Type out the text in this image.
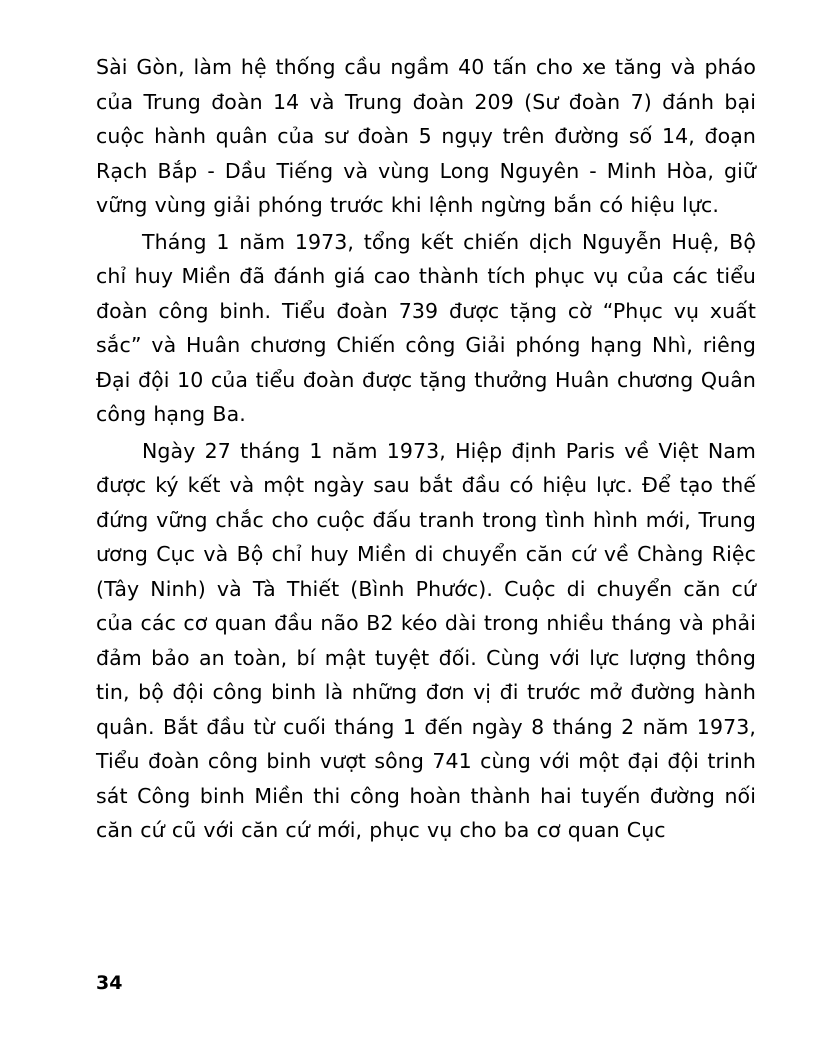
Sài Gòn, làm hệ thống cầu ngầm 40 tấn cho xe tăng và pháo của Trung đoàn 14 và Trung đoàn 209 (Sư đoàn 7) đánh bại cuộc hành quân của sư đoàn 5 ngụy trên đường số 14, đoạn Rạch Bắp - Dầu Tiếng và vùng Long Nguyên - Minh Hòa, giữ vững vùng giải phóng trước khi lệnh ngừng bắn có hiệu lực.

Tháng 1 năm 1973, tổng kết chiến dịch Nguyễn Huệ, Bộ chỉ huy Miền đã đánh giá cao thành tích phục vụ của các tiểu đoàn công binh. Tiểu đoàn 739 được tặng cờ “Phục vụ xuất sắc” và Huân chương Chiến công Giải phóng hạng Nhì, riêng Đại đội 10 của tiểu đoàn được tặng thưởng Huân chương Quân công hạng Ba.

Ngày 27 tháng 1 năm 1973, Hiệp định Paris về Việt Nam được ký kết và một ngày sau bắt đầu có hiệu lực. Để tạo thế đứng vững chắc cho cuộc đấu tranh trong tình hình mới, Trung ương Cục và Bộ chỉ huy Miền di chuyển căn cứ về Chàng Riệc (Tây Ninh) và Tà Thiết (Bình Phước). Cuộc di chuyển căn cứ của các cơ quan đầu não B2 kéo dài trong nhiều tháng và phải đảm bảo an toàn, bí mật tuyệt đối. Cùng với lực lượng thông tin, bộ đội công binh là những đơn vị đi trước mở đường hành quân. Bắt đầu từ cuối tháng 1 đến ngày 8 tháng 2 năm 1973, Tiểu đoàn công binh vượt sông 741 cùng với một đại đội trinh sát Công binh Miền thi công hoàn thành hai tuyến đường nối căn cứ cũ với căn cứ mới, phục vụ cho ba cơ quan Cục

34
